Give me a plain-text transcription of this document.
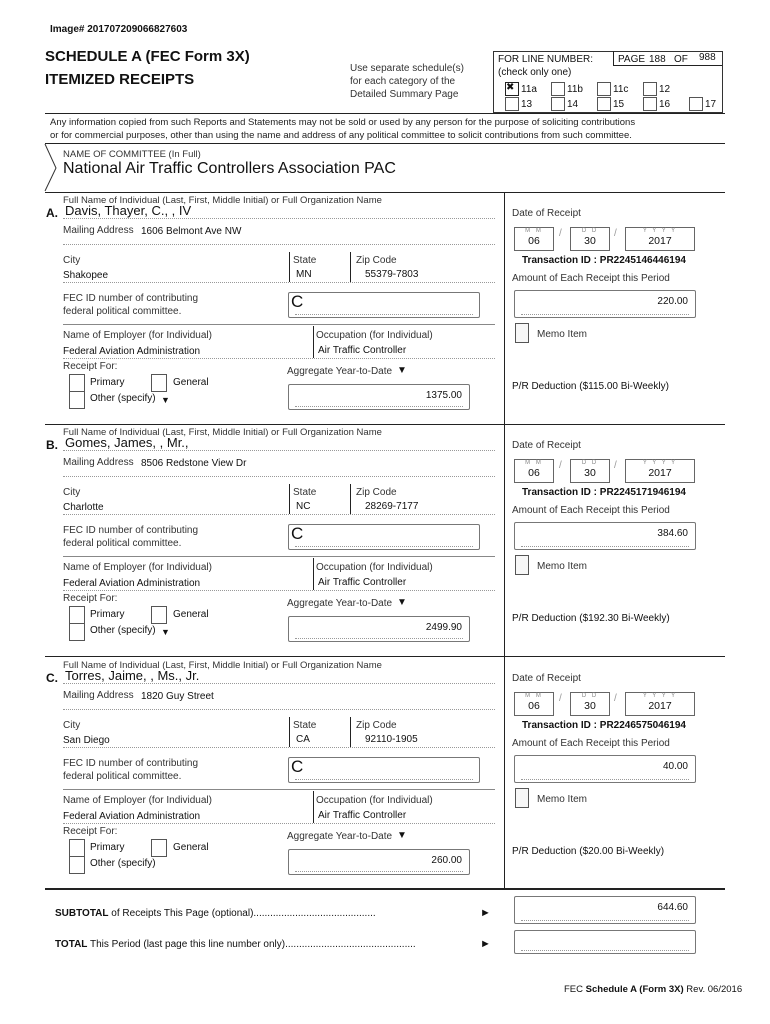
Image# 201707209066827603
SCHEDULE A (FEC Form 3X)
ITEMIZED RECEIPTS
Use separate schedule(s)
for each category of the
Detailed Summary Page
FOR LINE NUMBER:
(check only one)
PAGE 188 OF 988
✖ 11a	11b	11c	12
13	14	15	16	17
Any information copied from such Reports and Statements may not be sold or used by any person for the purpose of soliciting contributions
or for commercial purposes, other than using the name and address of any political committee to solicit contributions from such committee.
NAME OF COMMITTEE (In Full)
National Air Traffic Controllers Association PAC
Full Name of Individual (Last, First, Middle Initial) or Full Organization Name
A. Davis, Thayer, C., , IV
Mailing Address 1606 Belmont Ave NW
City
Shakopee
State
MN
Zip Code
55379-7803
FEC ID number of contributing
federal political committee.
C
Name of Employer (for Individual)
Federal Aviation Administration
Occupation (for Individual)
Air Traffic Controller
Receipt For:
Primary	General
Other (specify) ▼
Aggregate Year-to-Date ▼
1375.00
Date of Receipt
M M
06
/	D D
30
/	Y Y Y Y
2017
Transaction ID : PR2245146446194
Amount of Each Receipt this Period
220.00
Memo Item
P/R Deduction ($115.00 Bi-Weekly)
Full Name of Individual (Last, First, Middle Initial) or Full Organization Name
B. Gomes, James, , Mr.,
Mailing Address 8506 Redstone View Dr
City
Charlotte
State
NC
Zip Code
28269-7177
FEC ID number of contributing
federal political committee.
C
Name of Employer (for Individual)
Federal Aviation Administration
Occupation (for Individual)
Air Traffic Controller
Receipt For:
Primary	General
Other (specify) ▼
Aggregate Year-to-Date ▼
2499.90
Date of Receipt
M M
06
/	D D
30
/	Y Y Y Y
2017
Transaction ID : PR2245171946194
Amount of Each Receipt this Period
384.60
Memo Item
P/R Deduction ($192.30 Bi-Weekly)
Full Name of Individual (Last, First, Middle Initial) or Full Organization Name
C. Torres, Jaime, , Ms., Jr.
Mailing Address 1820 Guy Street
City
San Diego
State
CA
Zip Code
92110-1905
FEC ID number of contributing
federal political committee.
C
Name of Employer (for Individual)
Federal Aviation Administration
Occupation (for Individual)
Air Traffic Controller
Receipt For:
Primary	General
Other (specify)
Aggregate Year-to-Date ▼
260.00
Date of Receipt
M M
06
/	D D
30
/	Y Y Y Y
2017
Transaction ID : PR2246575046194
Amount of Each Receipt this Period
40.00
Memo Item
P/R Deduction ($20.00 Bi-Weekly)
SUBTOTAL of Receipts This Page (optional)............................................	►	644.60
TOTAL This Period (last page this line number only)...............................................	►
FEC Schedule A (Form 3X) Rev. 06/2016
